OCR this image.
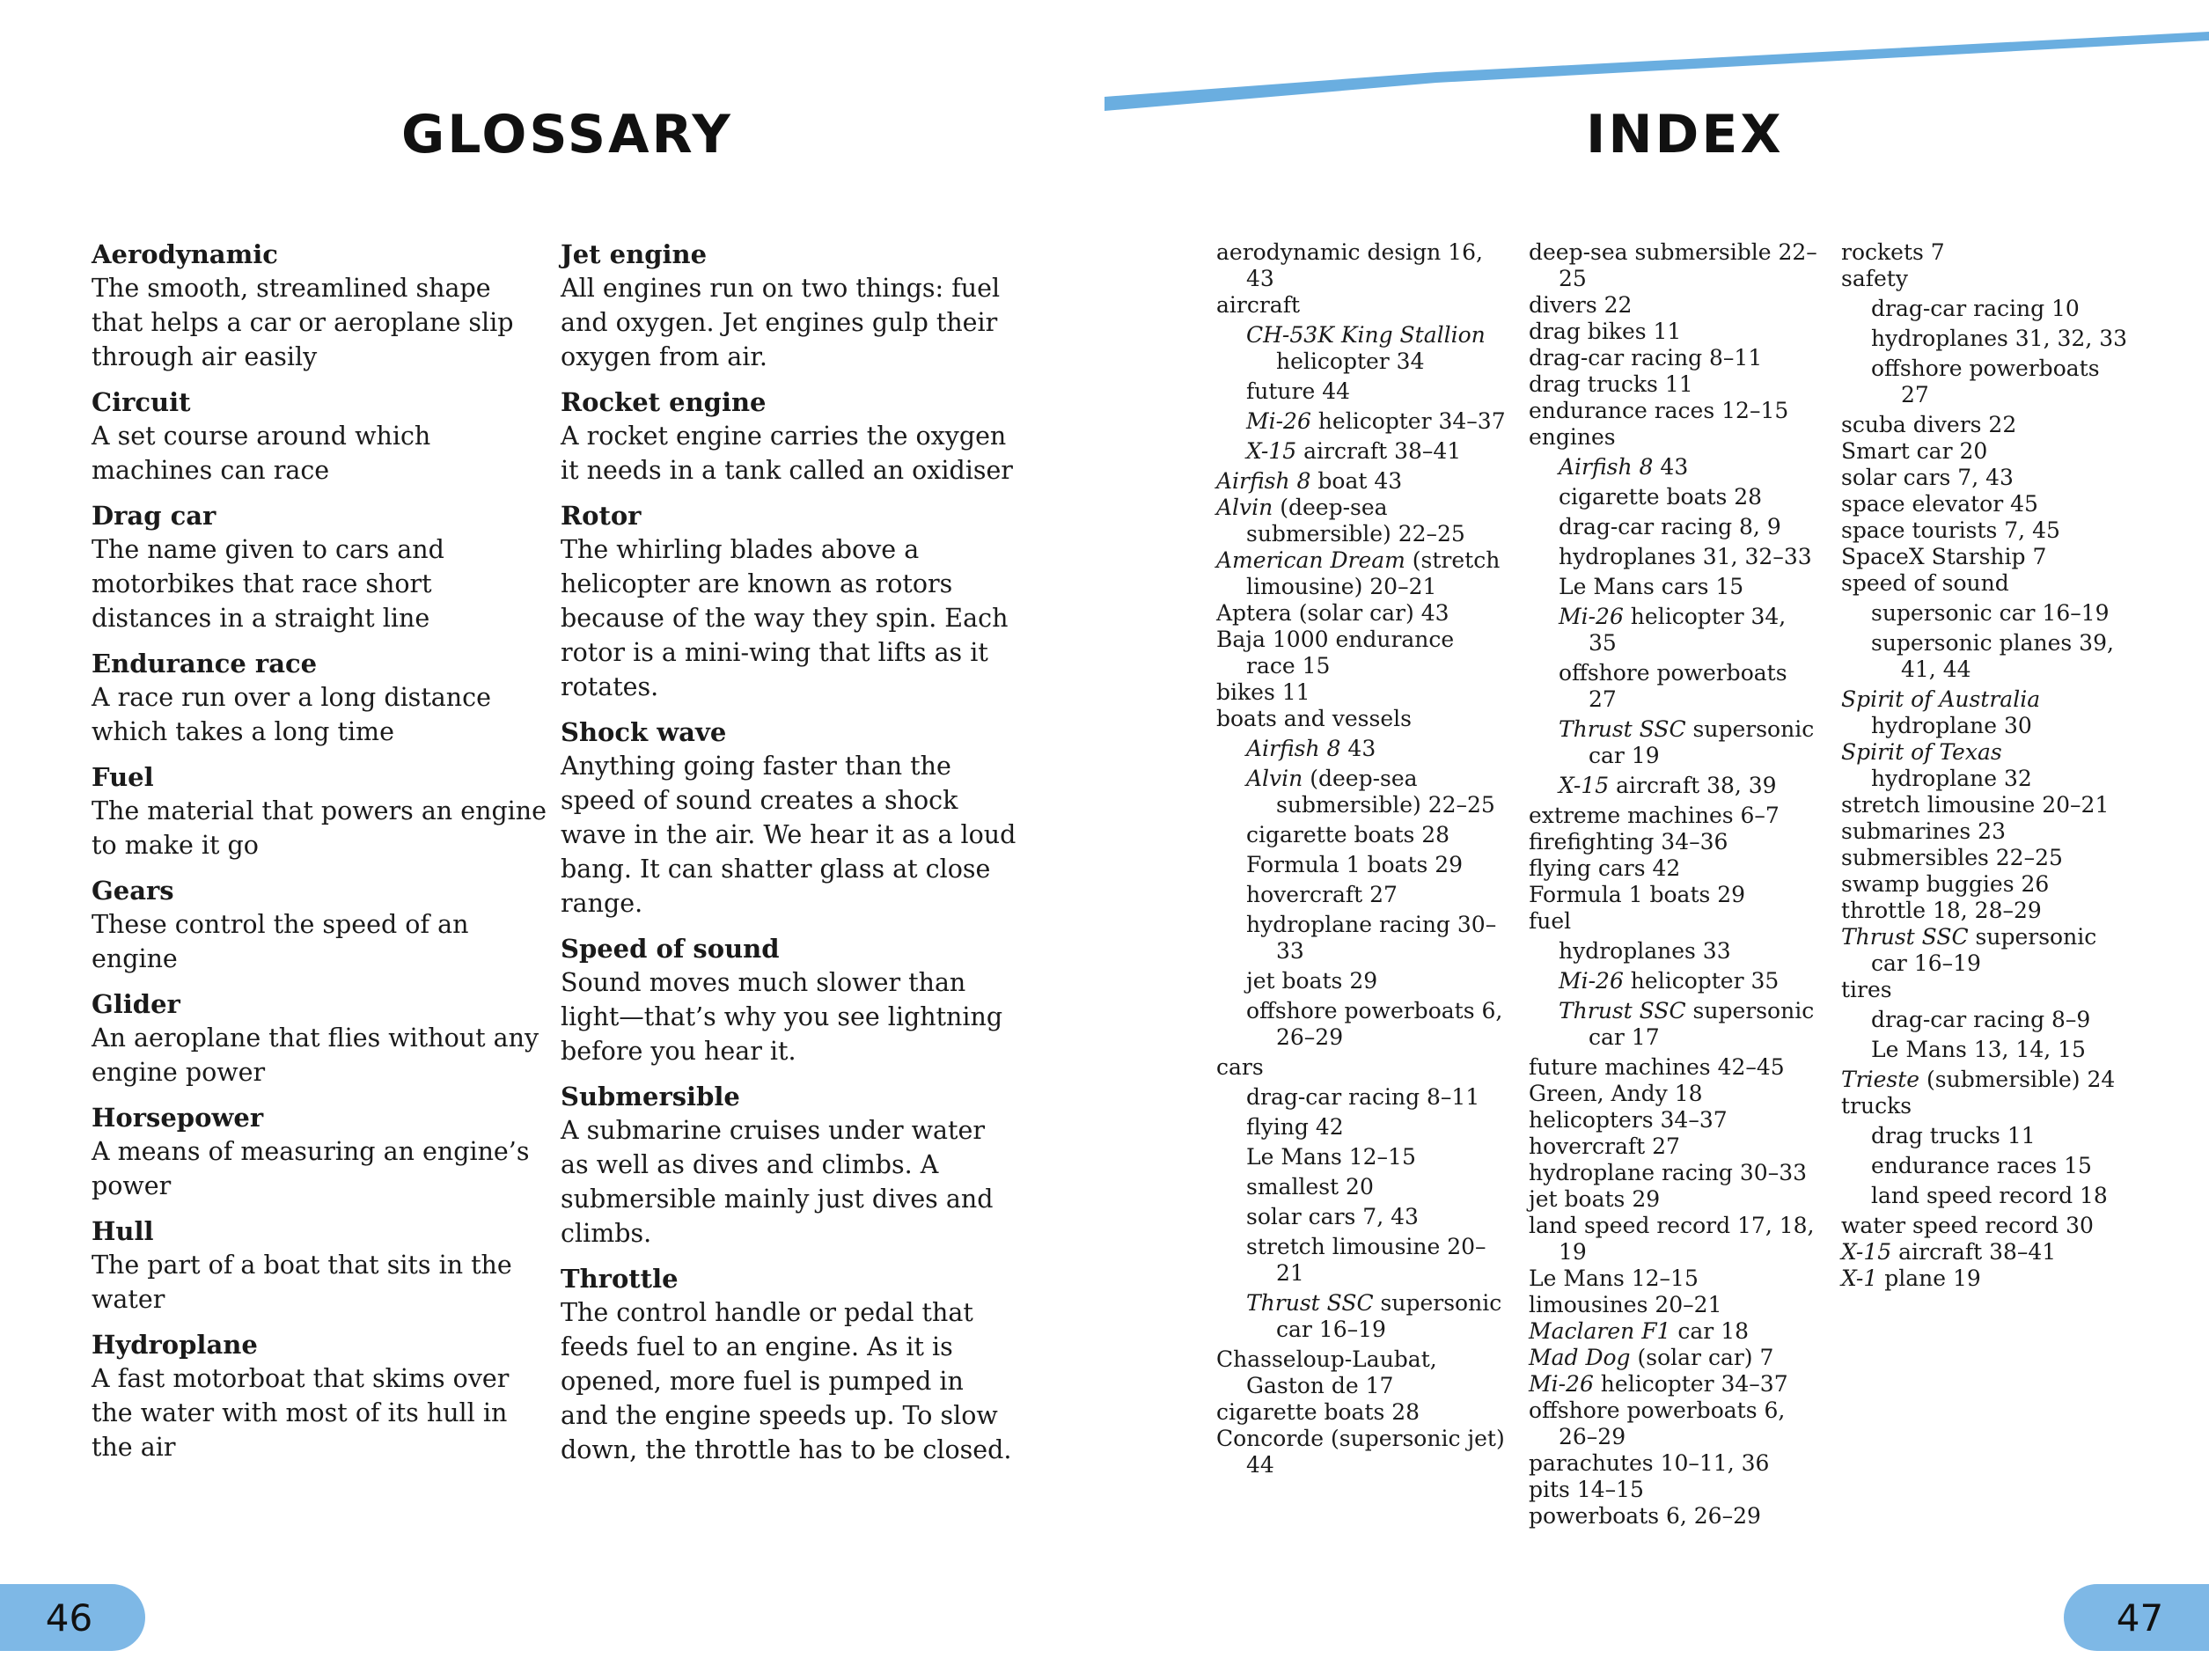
GLOSSARY	INDEX
Aerodynamic
The smooth, streamlined shape that helps a car or aeroplane slip through air easily
Circuit
A set course around which machines can race
Drag car
The name given to cars and motorbikes that race short distances in a straight line
Endurance race
A race run over a long distance which takes a long time
Fuel
The material that powers an engine to make it go
Gears
These control the speed of an engine
Glider
An aeroplane that flies without any engine power
Horsepower
A means of measuring an engine’s power
Hull
The part of a boat that sits in the water
Hydroplane
A fast motorboat that skims over the water with most of its hull in the air
Jet engine
All engines run on two things: fuel and oxygen. Jet engines gulp their oxygen from air.
Rocket engine
A rocket engine carries the oxygen it needs in a tank called an oxidiser
Rotor
The whirling blades above a helicopter are known as rotors because of the way they spin. Each rotor is a mini-wing that lifts as it rotates.
Shock wave
Anything going faster than the speed of sound creates a shock wave in the air. We hear it as a loud bang. It can shatter glass at close range.
Speed of sound
Sound moves much slower than light—that’s why you see lightning before you hear it.
Submersible
A submarine cruises under water as well as dives and climbs. A submersible mainly just dives and climbs.
Throttle
The control handle or pedal that feeds fuel to an engine. As it is opened, more fuel is pumped in and the engine speeds up. To slow down, the throttle has to be closed.
aerodynamic design 16, 43
aircraft
CH-53K King Stallion helicopter 34
future 44
Mi-26 helicopter 34–37
X-15 aircraft 38–41
Airfish 8 boat 43
Alvin (deep-sea submersible) 22–25
American Dream (stretch limousine) 20–21
Aptera (solar car) 43
Baja 1000 endurance race 15
bikes 11
boats and vessels
Airfish 8 43
Alvin (deep-sea submersible) 22–25
cigarette boats 28
Formula 1 boats 29
hovercraft 27
hydroplane racing 30–33
jet boats 29
offshore powerboats 6, 26–29
cars
drag-car racing 8–11
flying 42
Le Mans 12–15
smallest 20
solar cars 7, 43
stretch limousine 20–21
Thrust SSC supersonic car 16–19
Chasseloup-Laubat, Gaston de 17
cigarette boats 28
Concorde (supersonic jet) 44
deep-sea submersible 22–25
divers 22
drag bikes 11
drag-car racing 8–11
drag trucks 11
endurance races 12–15
engines
Airfish 8 43
cigarette boats 28
drag-car racing 8, 9
hydroplanes 31, 32–33
Le Mans cars 15
Mi-26 helicopter 34, 35
offshore powerboats 27
Thrust SSC supersonic car 19
X-15 aircraft 38, 39
extreme machines 6–7
firefighting 34–36
flying cars 42
Formula 1 boats 29
fuel
hydroplanes 33
Mi-26 helicopter 35
Thrust SSC supersonic car 17
future machines 42–45
Green, Andy 18
helicopters 34–37
hovercraft 27
hydroplane racing 30–33
jet boats 29
land speed record 17, 18, 19
Le Mans 12–15
limousines 20–21
Maclaren F1 car 18
Mad Dog (solar car) 7
Mi-26 helicopter 34–37
offshore powerboats 6, 26–29
parachutes 10–11, 36
pits 14–15
powerboats 6, 26–29
rockets 7
safety
drag-car racing 10
hydroplanes 31, 32, 33
offshore powerboats 27
scuba divers 22
Smart car 20
solar cars 7, 43
space elevator 45
space tourists 7, 45
SpaceX Starship 7
speed of sound
supersonic car 16–19
supersonic planes 39, 41, 44
Spirit of Australia hydroplane 30
Spirit of Texas hydroplane 32
stretch limousine 20–21
submarines 23
submersibles 22–25
swamp buggies 26
throttle 18, 28–29
Thrust SSC supersonic car 16–19
tires
drag-car racing 8–9
Le Mans 13, 14, 15
Trieste (submersible) 24
trucks
drag trucks 11
endurance races 15
land speed record 18
water speed record 30
X-15 aircraft 38–41
X-1 plane 19
46	47
